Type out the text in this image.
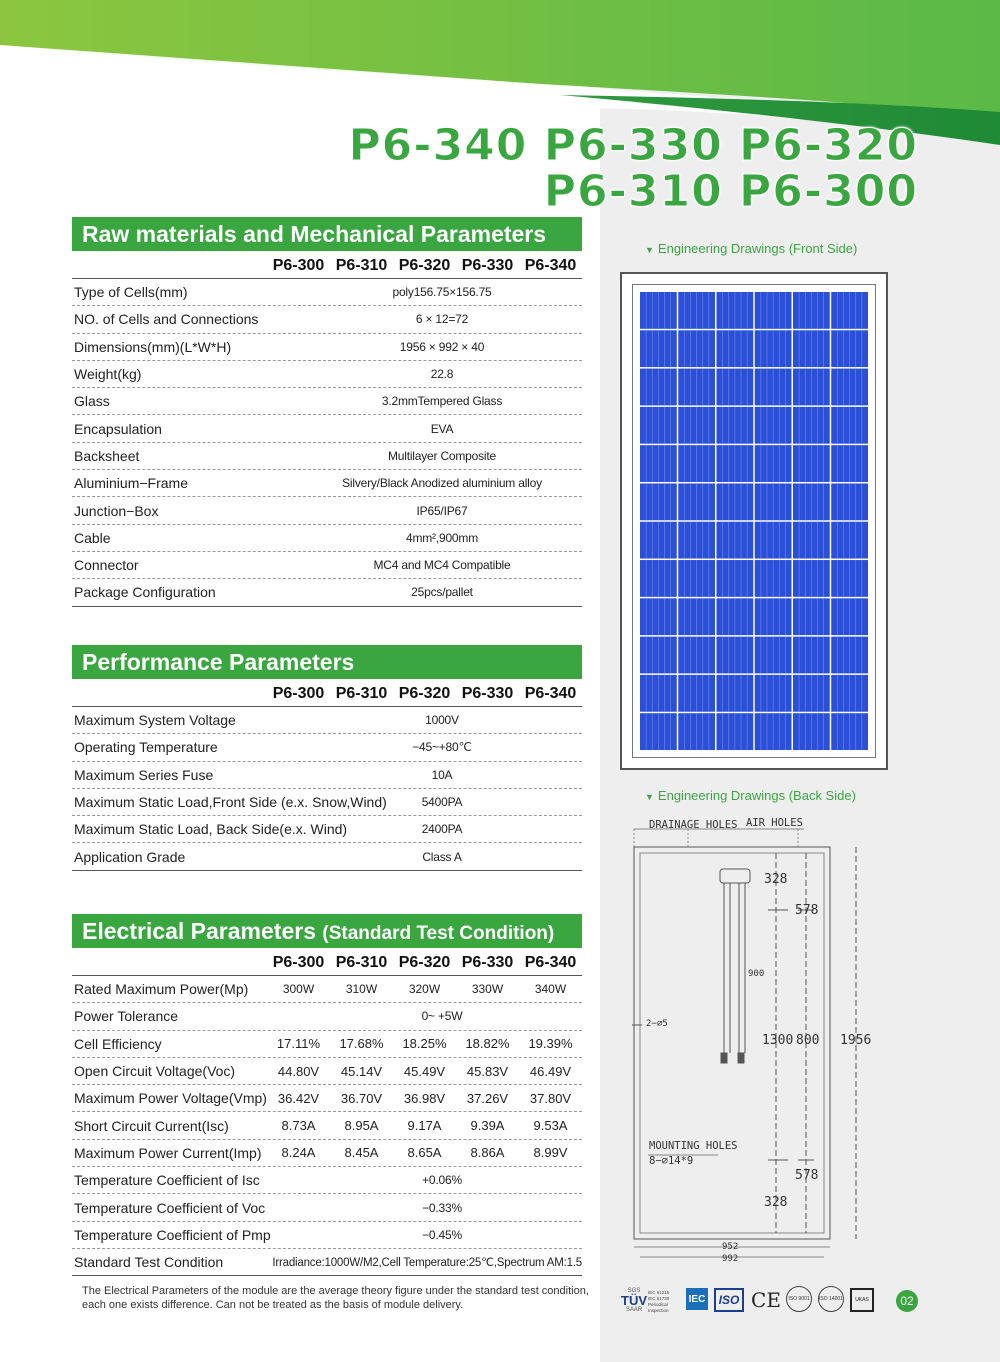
P6-340 P6-330 P6-320
P6-310 P6-300
Raw materials and Mechanical Parameters
P6-300 P6-310 P6-320 P6-330 P6-340
Type of Cells(mm)	poly156.75×156.75
NO. of Cells and Connections	6 × 12=72
Dimensions(mm)(L*W*H)	1956 × 992 × 40
Weight(kg)	22.8
Glass	3.2mmTempered Glass
Encapsulation	EVA
Backsheet	Multilayer Composite
Aluminium−Frame	Silvery/Black Anodized aluminium alloy
Junction−Box	IP65/IP67
Cable	4mm²,900mm
Connector	MC4 and MC4 Compatible
Package Configuration	25pcs/pallet
Performance Parameters
P6-300 P6-310 P6-320 P6-330 P6-340
Maximum System Voltage	1000V
Operating Temperature	−45~+80℃
Maximum Series Fuse	10A
Maximum Static Load,Front Side (e.x. Snow,Wind)	5400PA
Maximum Static Load, Back Side(e.x. Wind)	2400PA
Application Grade	Class A
Electrical Parameters (Standard Test Condition)
P6-300 P6-310 P6-320 P6-330 P6-340
Rated Maximum Power(Mp)	300W	310W	320W	330W	340W
Power Tolerance	0~ +5W
Cell Efficiency	17.11%	17.68%	18.25%	18.82%	19.39%
Open Circuit Voltage(Voc)	44.80V	45.14V	45.49V	45.83V	46.49V
Maximum Power Voltage(Vmp) 36.42V	36.70V	36.98V	37.26V	37.80V
Short Circuit Current(Isc)	8.73A	8.95A	9.17A	9.39A	9.53A
Maximum Power Current(Imp)	8.24A	8.45A	8.65A	8.86A	8.99V
Temperature Coefficient of Isc	+0.06%
Temperature Coefficient of Voc	−0.33%
Temperature Coefficient of Pmp	−0.45%
Standard Test Condition	Irradiance:1000W/M2,Cell Temperature:25℃,Spectrum AM:1.5
The Electrical Parameters of the module are the average theory figure under the standard test condition, each one exists difference. Can not be treated as the basis of module delivery.
▼ Engineering Drawings (Front Side)
▼ Engineering Drawings (Back Side)
DRAINAGE HOLES AIR HOLES
328
578
900
2−⌀5
1300 800 1956
MOUNTING HOLES
8−⌀14*9
578
328
952
992
SGS
TÜV
SAAR
IEC 61215
IEC 61730
Periodical Inspection
IEC	ISO CE	ISO 9001	ISO 14001	UKAS	02
